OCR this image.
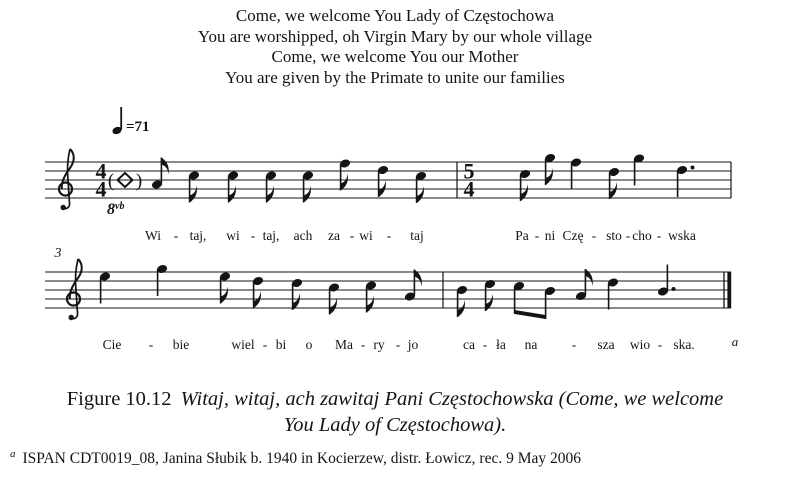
Come, we welcome You Lady of Częstochowa
You are worshipped, oh Virgin Mary by our whole village
Come, we welcome You our Mother
You are given by the Primate to unite our families
4
4
5
4
( )
$8^{vb}$
Wi - taj, wi - taj, ach za - wi - taj	Pa - ni Czę - sto - cho - wska
3
Cie - bie	wiel - bi o Ma - ry - jo	ca - ła na	- sza wio - ska.	a
=71
Figure 10.12 Witaj, witaj, ach zawitaj Pani Częstochowska (Come, we welcome
You Lady of Częstochowa).
$^a$ ISPAN CDT0019_08, Janina Słubik b. 1940 in Kocierzew, distr. Łowicz, rec. 9 May 2006
